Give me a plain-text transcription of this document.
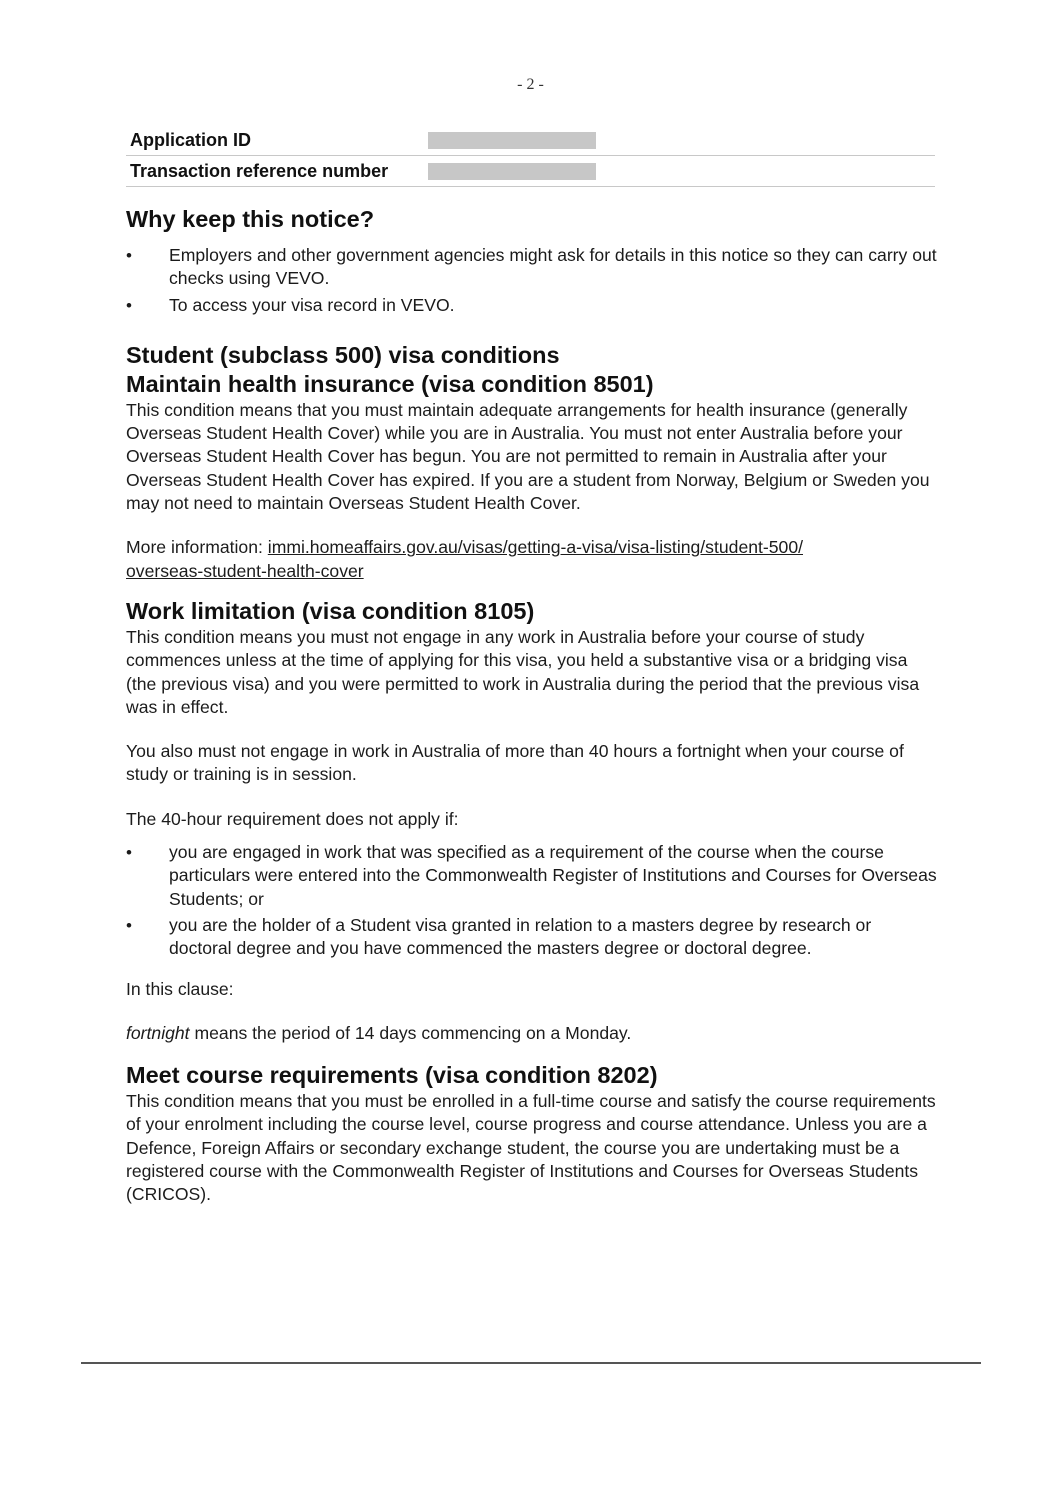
- 2 -
Application ID
Transaction reference number
Why keep this notice?
• Employers and other government agencies might ask for details in this notice so they can carry out checks using VEVO.
• To access your visa record in VEVO.
Student (subclass 500) visa conditions
Maintain health insurance (visa condition 8501)

This condition means that you must maintain adequate arrangements for health insurance (generally Overseas Student Health Cover) while you are in Australia. You must not enter Australia before your Overseas Student Health Cover has begun. You are not permitted to remain in Australia after your Overseas Student Health Cover has expired. If you are a student from Norway, Belgium or Sweden you may not need to maintain Overseas Student Health Cover.

More information: immi.homeaffairs.gov.au/visas/getting-a-visa/visa-listing/student-500/
overseas-student-health-cover

Work limitation (visa condition 8105)

This condition means you must not engage in any work in Australia before your course of study commences unless at the time of applying for this visa, you held a substantive visa or a bridging visa (the previous visa) and you were permitted to work in Australia during the period that the previous visa was in effect.

You also must not engage in work in Australia of more than 40 hours a fortnight when your course of study or training is in session.

The 40-hour requirement does not apply if:

• you are engaged in work that was specified as a requirement of the course when the course particulars were entered into the Commonwealth Register of Institutions and Courses for Overseas Students; or
• you are the holder of a Student visa granted in relation to a masters degree by research or doctoral degree and you have commenced the masters degree or doctoral degree.

In this clause:

fortnight means the period of 14 days commencing on a Monday.

Meet course requirements (visa condition 8202)

This condition means that you must be enrolled in a full-time course and satisfy the course requirements of your enrolment including the course level, course progress and course attendance. Unless you are a Defence, Foreign Affairs or secondary exchange student, the course you are undertaking must be a registered course with the Commonwealth Register of Institutions and Courses for Overseas Students (CRICOS).
